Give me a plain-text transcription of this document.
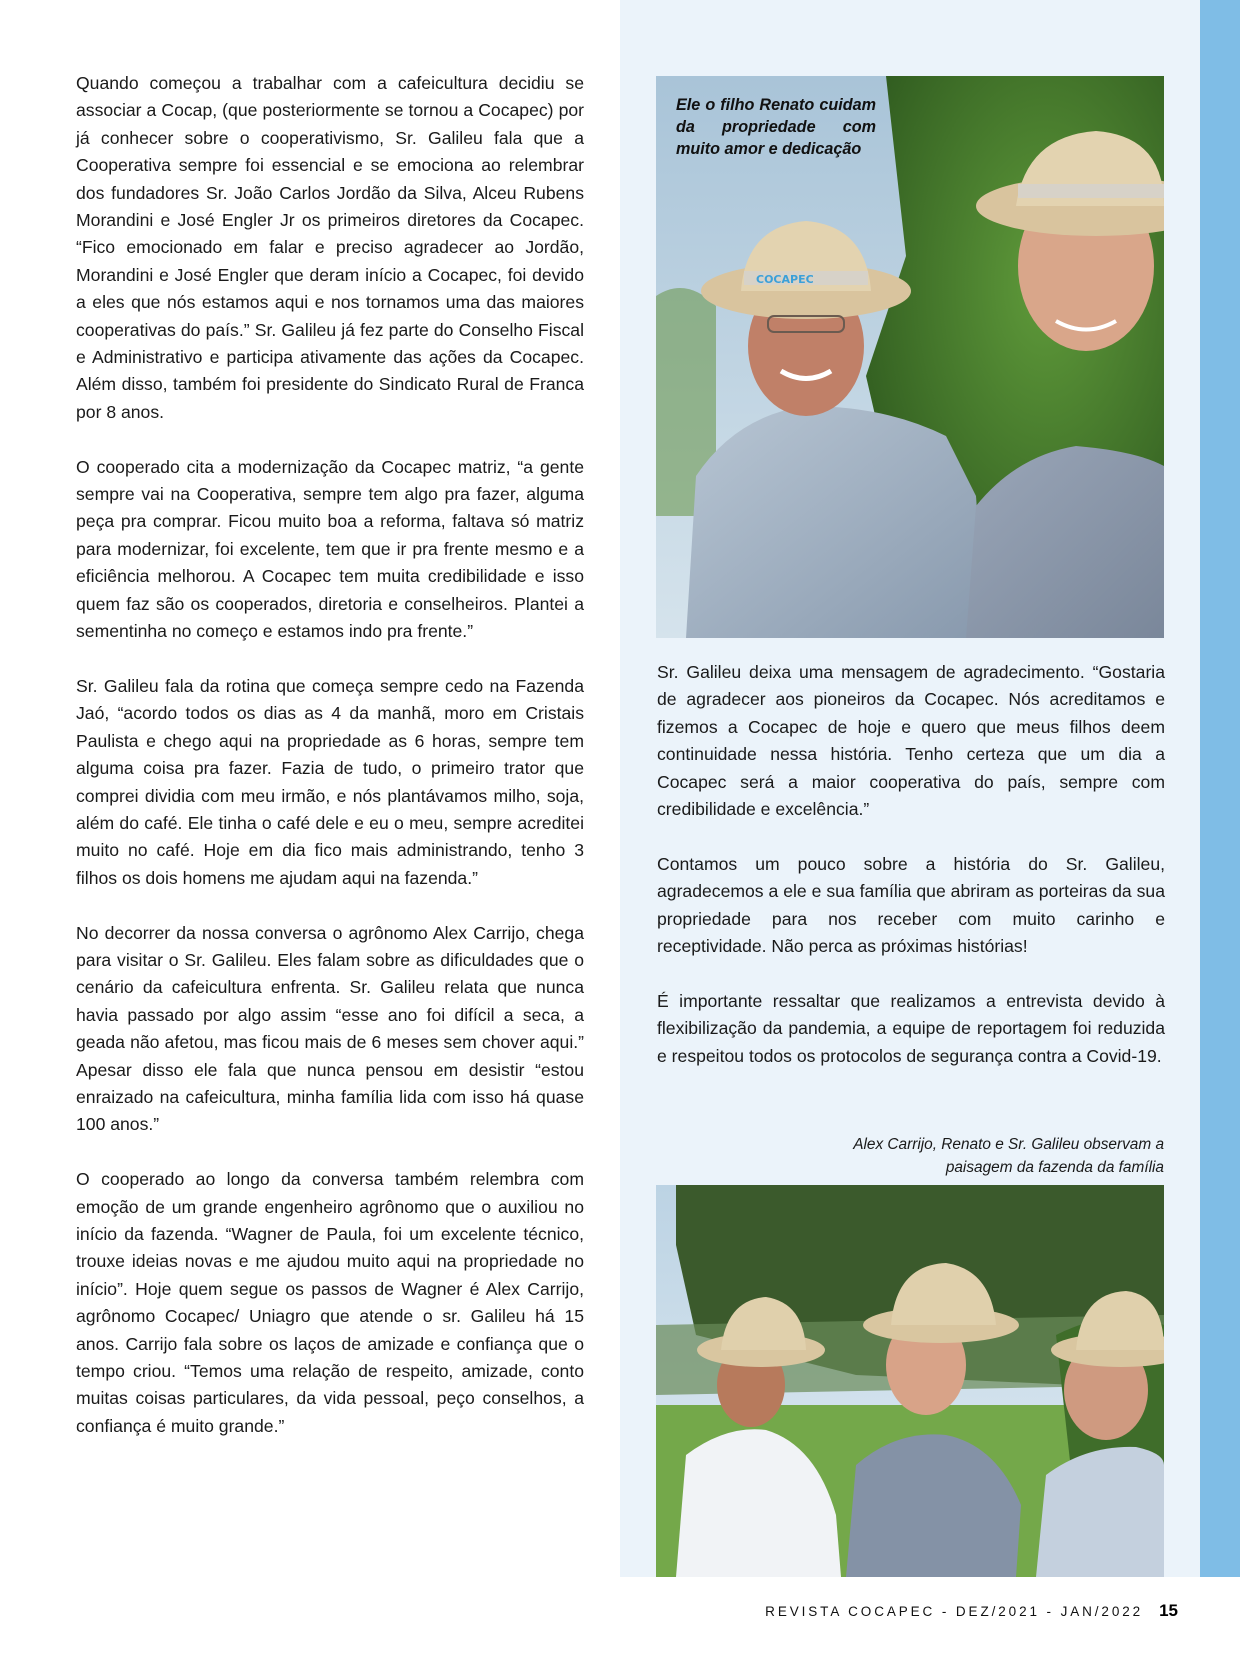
Quando começou a trabalhar com a cafeicultura decidiu se associar a Cocap, (que posteriormente se tornou a Cocapec) por já conhecer sobre o cooperativismo, Sr. Galileu fala que a Cooperativa sempre foi essencial e se emociona ao relembrar dos fundadores Sr. João Carlos Jordão da Silva, Alceu Rubens Morandini e José Engler Jr os primeiros diretores da Cocapec. “Fico emocionado em falar e preciso agradecer ao Jordão, Morandini e José Engler que deram início a Cocapec, foi devido a eles que nós estamos aqui e nos tornamos uma das maiores cooperativas do país.” Sr. Galileu já fez parte do Conselho Fiscal e Administrativo e participa ativamente das ações da Cocapec. Além disso, também foi presidente do Sindicato Rural de Franca por 8 anos.

O cooperado cita a modernização da Cocapec matriz, “a gente sempre vai na Cooperativa, sempre tem algo pra fazer, alguma peça pra comprar. Ficou muito boa a reforma, faltava só matriz para modernizar, foi excelente, tem que ir pra frente mesmo e a eficiência melhorou. A Cocapec tem muita credibilidade e isso quem faz são os cooperados, diretoria e conselheiros. Plantei a sementinha no começo e estamos indo pra frente.”

Sr. Galileu fala da rotina que começa sempre cedo na Fazenda Jaó, “acordo todos os dias as 4 da manhã, moro em Cristais Paulista e chego aqui na propriedade as 6 horas, sempre tem alguma coisa pra fazer. Fazia de tudo, o primeiro trator que comprei dividia com meu irmão, e nós plantávamos milho, soja, além do café. Ele tinha o café dele e eu o meu, sempre acreditei muito no café. Hoje em dia fico mais administrando, tenho 3 filhos os dois homens me ajudam aqui na fazenda.”

No decorrer da nossa conversa o agrônomo Alex Carrijo, chega para visitar o Sr. Galileu. Eles falam sobre as dificuldades que o cenário da cafeicultura enfrenta. Sr. Galileu relata que nunca havia passado por algo assim “esse ano foi difícil a seca, a geada não afetou, mas ficou mais de 6 meses sem chover aqui.” Apesar disso ele fala que nunca pensou em desistir “estou enraizado na cafeicultura, minha família lida com isso há quase 100 anos.”

O cooperado ao longo da conversa também relembra com emoção de um grande engenheiro agrônomo que o auxiliou no início da fazenda. “Wagner de Paula, foi um excelente técnico, trouxe ideias novas e me ajudou muito aqui na propriedade no início”. Hoje quem segue os passos de Wagner é Alex Carrijo, agrônomo Cocapec/ Uniagro que atende o sr. Galileu há 15 anos. Carrijo fala sobre os laços de amizade e confiança que o tempo criou. “Temos uma relação de respeito, amizade, conto muitas coisas particulares, da vida pessoal, peço conselhos, a confiança é muito grande.”

COCAPEC
Ele o filho Renato cuidam da propriedade com muito amor e dedicação

Sr. Galileu deixa uma mensagem de agradecimento. “Gostaria de agradecer aos pioneiros da Cocapec. Nós acreditamos e fizemos a Cocapec de hoje e quero que meus filhos deem continuidade nessa história. Tenho certeza que um dia a Cocapec será a maior cooperativa do país, sempre com credibilidade e excelência.”

Contamos um pouco sobre a história do Sr. Galileu, agradecemos a ele e sua família que abriram as porteiras da sua propriedade para nos receber com muito carinho e receptividade. Não perca as próximas histórias!

É importante ressaltar que realizamos a entrevista devido à flexibilização da pandemia, a equipe de reportagem foi reduzida e respeitou todos os protocolos de segurança contra a Covid-19.

Alex Carrijo, Renato e Sr. Galileu observam a
paisagem da fazenda da família
REVISTA COCAPEC - DEZ/2021 - JAN/2022 15
